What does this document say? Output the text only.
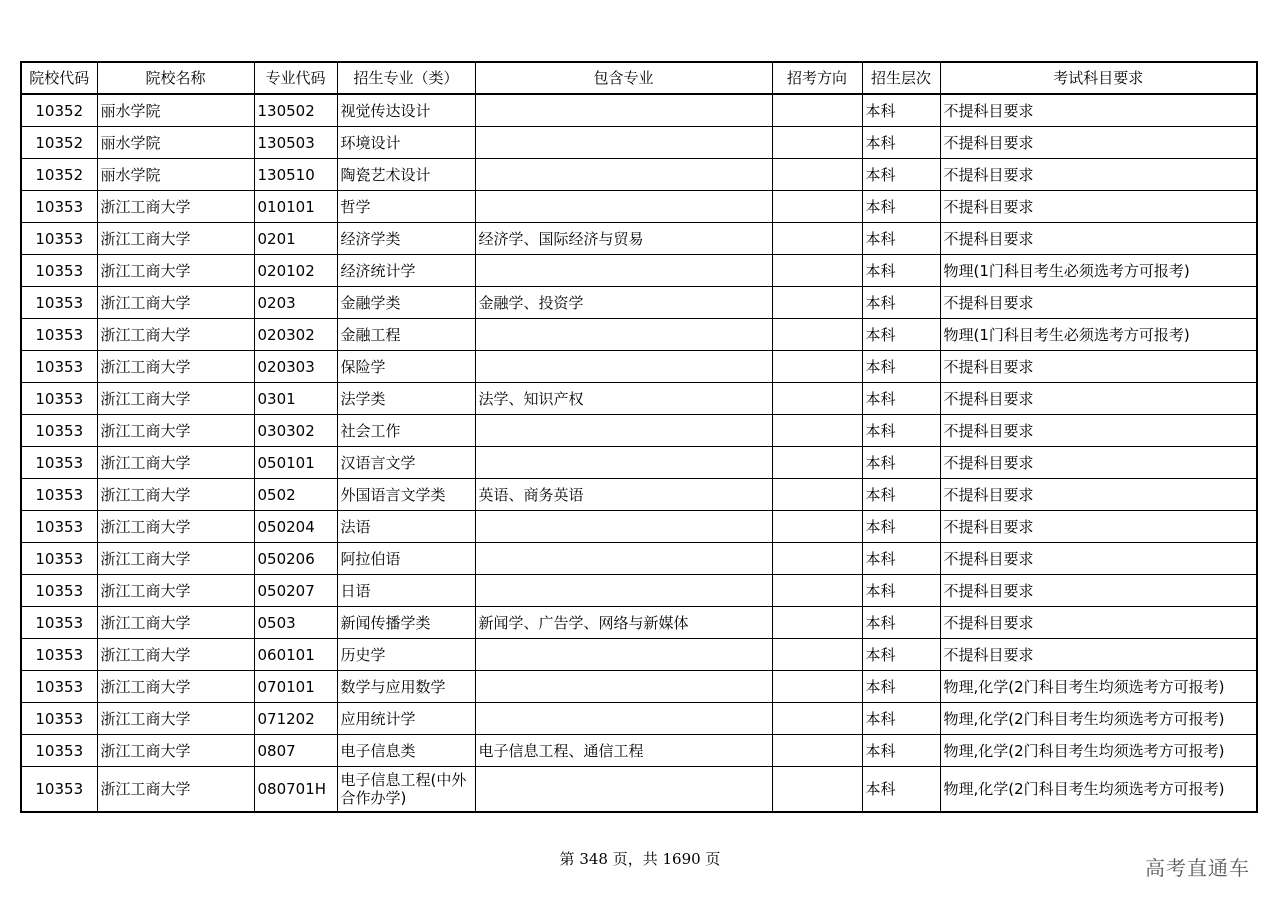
院校代码	院校名称	专业代码	招生专业（类）	包含专业	招考方向	招生层次	考试科目要求
10352	丽水学院	130502	视觉传达设计			本科	不提科目要求
10352	丽水学院	130503	环境设计			本科	不提科目要求
10352	丽水学院	130510	陶瓷艺术设计			本科	不提科目要求
10353	浙江工商大学	010101	哲学			本科	不提科目要求
10353	浙江工商大学	0201	经济学类	经济学、国际经济与贸易		本科	不提科目要求
10353	浙江工商大学	020102	经济统计学			本科	物理(1门科目考生必须选考方可报考)
10353	浙江工商大学	0203	金融学类	金融学、投资学		本科	不提科目要求
10353	浙江工商大学	020302	金融工程			本科	物理(1门科目考生必须选考方可报考)
10353	浙江工商大学	020303	保险学			本科	不提科目要求
10353	浙江工商大学	0301	法学类	法学、知识产权		本科	不提科目要求
10353	浙江工商大学	030302	社会工作			本科	不提科目要求
10353	浙江工商大学	050101	汉语言文学			本科	不提科目要求
10353	浙江工商大学	0502	外国语言文学类	英语、商务英语		本科	不提科目要求
10353	浙江工商大学	050204	法语			本科	不提科目要求
10353	浙江工商大学	050206	阿拉伯语			本科	不提科目要求
10353	浙江工商大学	050207	日语			本科	不提科目要求
10353	浙江工商大学	0503	新闻传播学类	新闻学、广告学、网络与新媒体		本科	不提科目要求
10353	浙江工商大学	060101	历史学			本科	不提科目要求
10353	浙江工商大学	070101	数学与应用数学			本科	物理,化学(2门科目考生均须选考方可报考)
10353	浙江工商大学	071202	应用统计学			本科	物理,化学(2门科目考生均须选考方可报考)
10353	浙江工商大学	0807	电子信息类	电子信息工程、通信工程		本科	物理,化学(2门科目考生均须选考方可报考)
10353	浙江工商大学	080701H	电子信息工程(中外合作办学)			本科	物理,化学(2门科目考生均须选考方可报考)
第 348 页，共 1690 页	高考直通车
